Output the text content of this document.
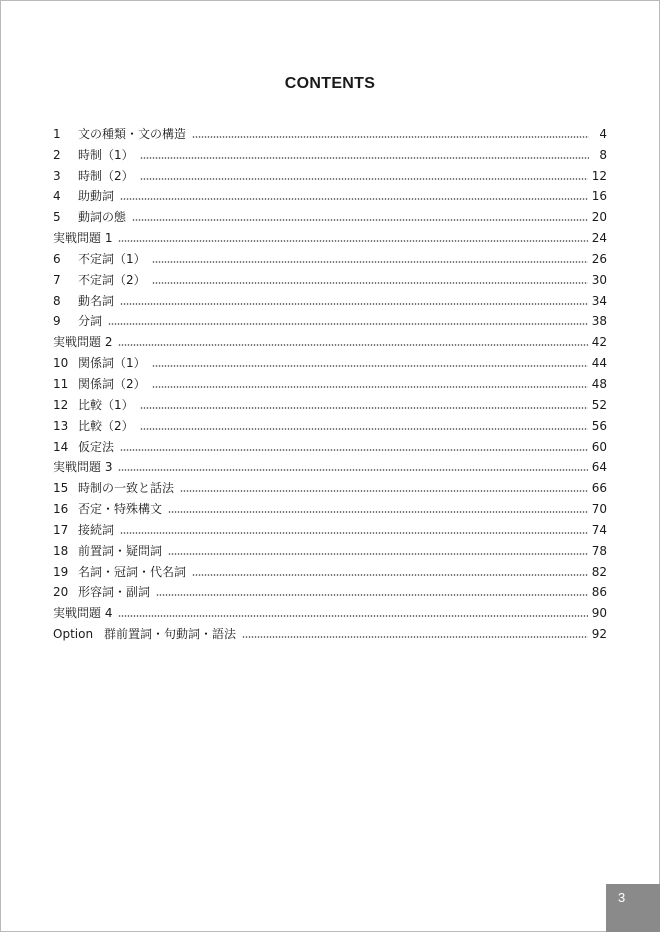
CONTENTS
1	文の種類・文の構造	4
2	時制（1）	8
3	時制（2）	12
4	助動詞	16
5	動詞の態	20
実戦問題 1	24
6	不定詞（1）	26
7	不定詞（2）	30
8	動名詞	34
9	分詞	38
実戦問題 2	42
10 関係詞（1）	44
11 関係詞（2）	48
12 比較（1）	52
13 比較（2）	56
14 仮定法	60
実戦問題 3	64
15 時制の一致と話法	66
16 否定・特殊構文	70
17 接続詞	74
18 前置詞・疑問詞	78
19 名詞・冠詞・代名詞	82
20 形容詞・副詞	86
実戦問題 4	90
Option 群前置詞・句動詞・語法	92
3
